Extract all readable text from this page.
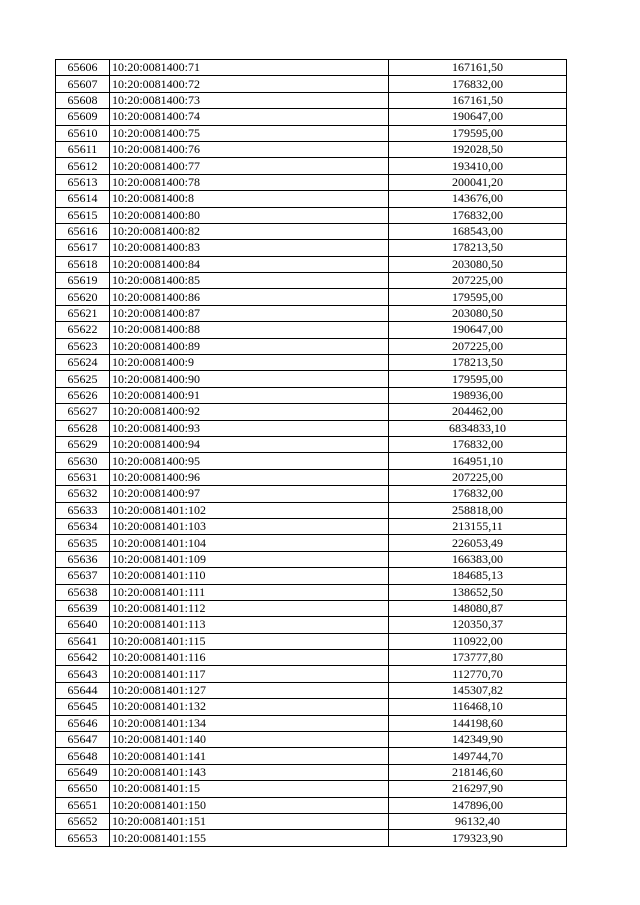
65606	10:20:0081400:71	167161,50
65607	10:20:0081400:72	176832,00
65608	10:20:0081400:73	167161,50
65609	10:20:0081400:74	190647,00
65610	10:20:0081400:75	179595,00
65611	10:20:0081400:76	192028,50
65612	10:20:0081400:77	193410,00
65613	10:20:0081400:78	200041,20
65614	10:20:0081400:8	143676,00
65615	10:20:0081400:80	176832,00
65616	10:20:0081400:82	168543,00
65617	10:20:0081400:83	178213,50
65618	10:20:0081400:84	203080,50
65619	10:20:0081400:85	207225,00
65620	10:20:0081400:86	179595,00
65621	10:20:0081400:87	203080,50
65622	10:20:0081400:88	190647,00
65623	10:20:0081400:89	207225,00
65624	10:20:0081400:9	178213,50
65625	10:20:0081400:90	179595,00
65626	10:20:0081400:91	198936,00
65627	10:20:0081400:92	204462,00
65628	10:20:0081400:93	6834833,10
65629	10:20:0081400:94	176832,00
65630	10:20:0081400:95	164951,10
65631	10:20:0081400:96	207225,00
65632	10:20:0081400:97	176832,00
65633	10:20:0081401:102	258818,00
65634	10:20:0081401:103	213155,11
65635	10:20:0081401:104	226053,49
65636	10:20:0081401:109	166383,00
65637	10:20:0081401:110	184685,13
65638	10:20:0081401:111	138652,50
65639	10:20:0081401:112	148080,87
65640	10:20:0081401:113	120350,37
65641	10:20:0081401:115	110922,00
65642	10:20:0081401:116	173777,80
65643	10:20:0081401:117	112770,70
65644	10:20:0081401:127	145307,82
65645	10:20:0081401:132	116468,10
65646	10:20:0081401:134	144198,60
65647	10:20:0081401:140	142349,90
65648	10:20:0081401:141	149744,70
65649	10:20:0081401:143	218146,60
65650	10:20:0081401:15	216297,90
65651	10:20:0081401:150	147896,00
65652	10:20:0081401:151	96132,40
65653	10:20:0081401:155	179323,90
